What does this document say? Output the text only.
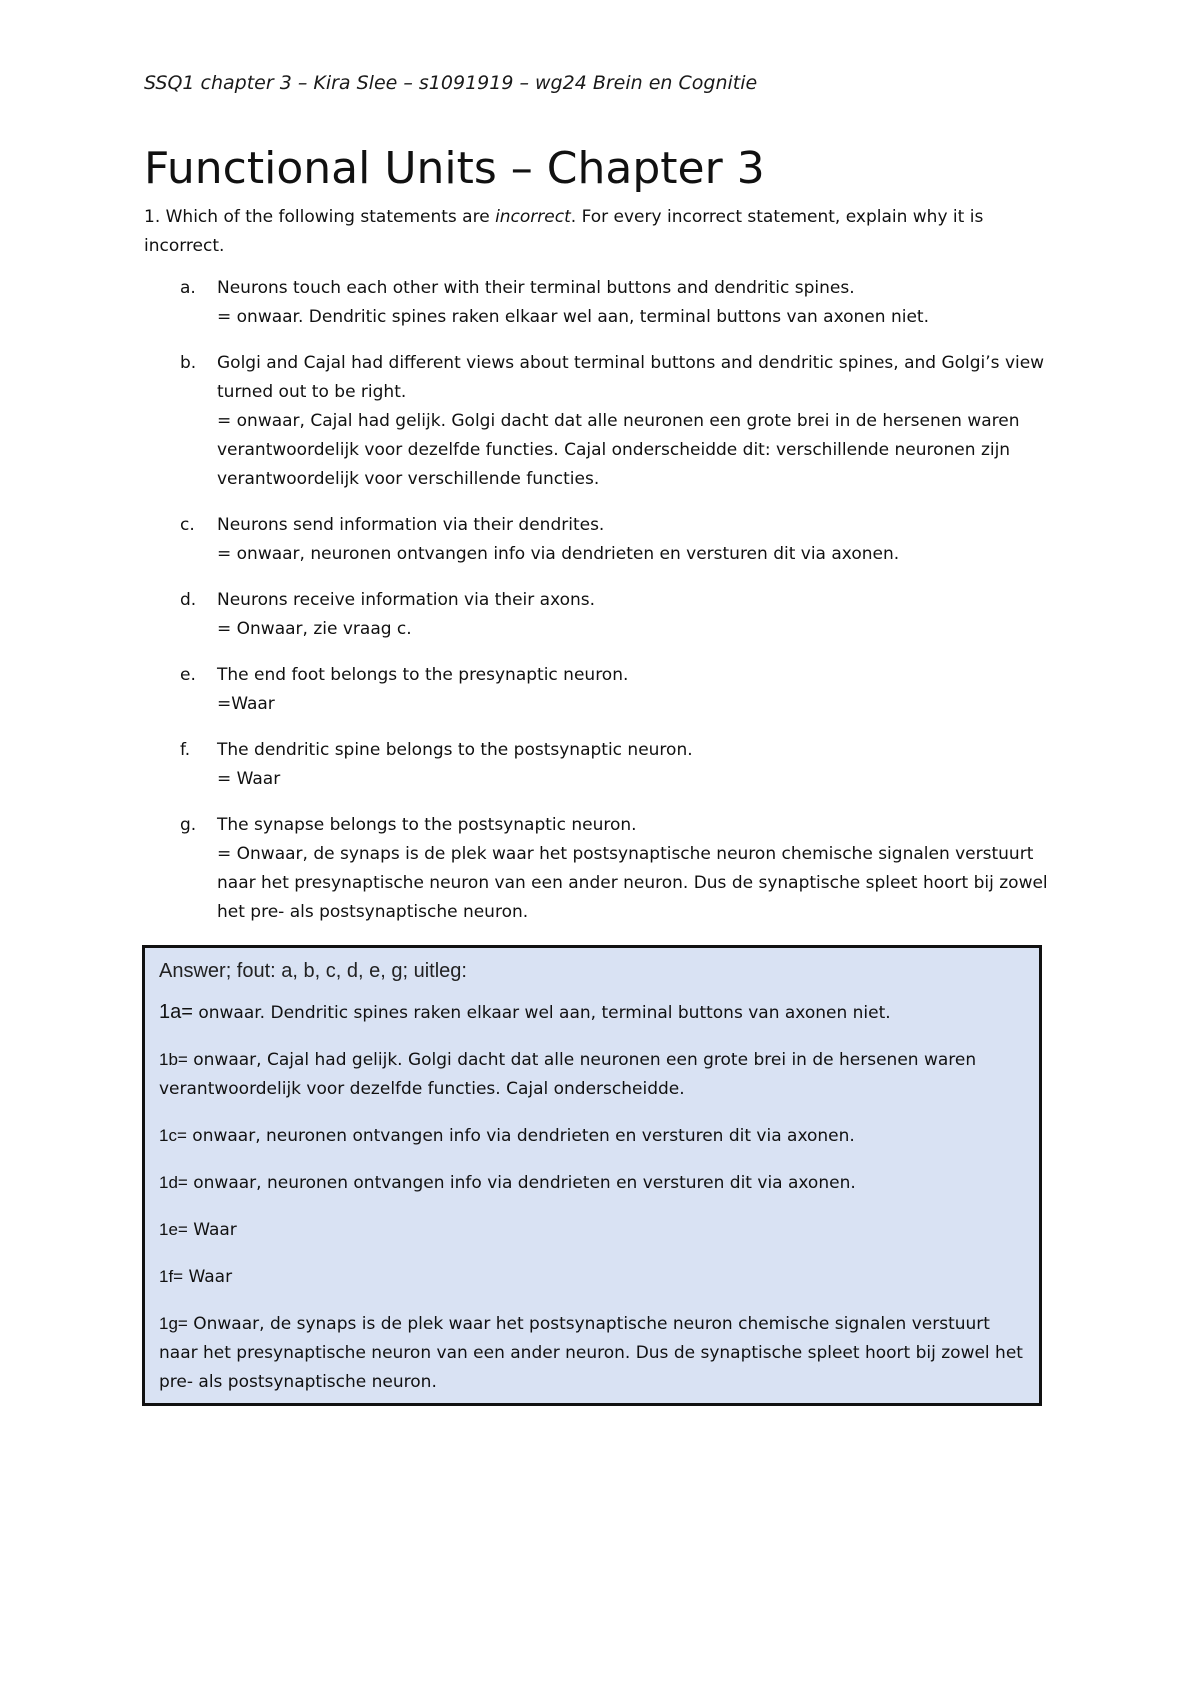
SSQ1 chapter 3 – Kira Slee – s1091919 – wg24 Brein en Cognitie
Functional Units – Chapter 3

1. Which of the following statements are incorrect. For every incorrect statement, explain why it is incorrect.

a. Neurons touch each other with their terminal buttons and dendritic spines.

= onwaar. Dendritic spines raken elkaar wel aan, terminal buttons van axonen niet.

b. Golgi and Cajal had different views about terminal buttons and dendritic spines, and Golgi’s view turned out to be right.

= onwaar, Cajal had gelijk. Golgi dacht dat alle neuronen een grote brei in de hersenen waren verantwoordelijk voor dezelfde functies. Cajal onderscheidde dit: verschillende neuronen zijn verantwoordelijk voor verschillende functies.

c. Neurons send information via their dendrites.

= onwaar, neuronen ontvangen info via dendrieten en versturen dit via axonen.

d. Neurons receive information via their axons.

= Onwaar, zie vraag c.

e. The end foot belongs to the presynaptic neuron.

=Waar

f. The dendritic spine belongs to the postsynaptic neuron.

= Waar

g. The synapse belongs to the postsynaptic neuron.

= Onwaar, de synaps is de plek waar het postsynaptische neuron chemische signalen verstuurt naar het presynaptische neuron van een ander neuron. Dus de synaptische spleet hoort bij zowel het pre- als postsynaptische neuron.

Answer; fout: a, b, c, d, e, g; uitleg:

1a= onwaar. Dendritic spines raken elkaar wel aan, terminal buttons van axonen niet.

1b= onwaar, Cajal had gelijk. Golgi dacht dat alle neuronen een grote brei in de hersenen waren verantwoordelijk voor dezelfde functies. Cajal onderscheidde.

1c= onwaar, neuronen ontvangen info via dendrieten en versturen dit via axonen.

1d= onwaar, neuronen ontvangen info via dendrieten en versturen dit via axonen.

1e= Waar

1f= Waar

1g= Onwaar, de synaps is de plek waar het postsynaptische neuron chemische signalen verstuurt naar het presynaptische neuron van een ander neuron. Dus de synaptische spleet hoort bij zowel het pre- als postsynaptische neuron.
